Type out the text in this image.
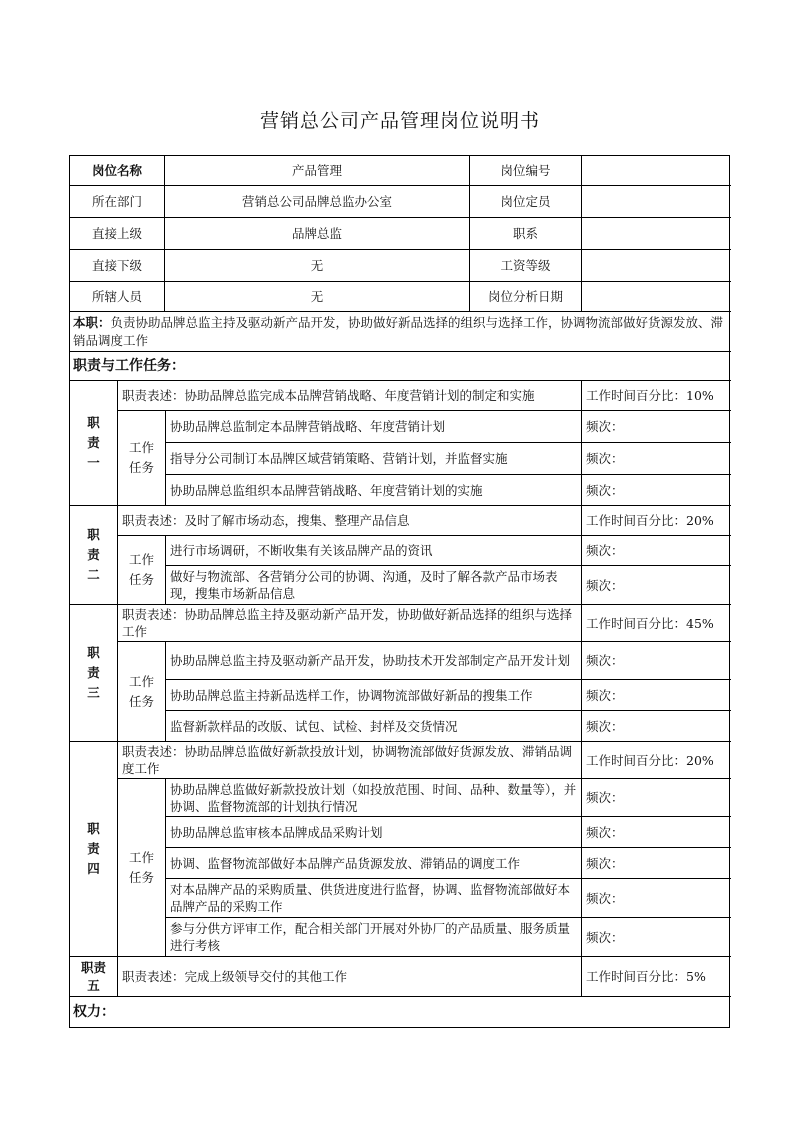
营销总公司产品管理岗位说明书
岗位名称	产品管理	岗位编号
所在部门	营销总公司品牌总监办公室	岗位定员
直接上级	品牌总监	职系
直接下级	无	工资等级
所辖人员	无	岗位分析日期
本职：负责协助品牌总监主持及驱动新产品开发，协助做好新品选择的组织与选择工作，协调物流部做好货源发放、滞销品调度工作
职责与工作任务：
职责一
职责表述：协助品牌总监完成本品牌营销战略、年度营销计划的制定和实施	工作时间百分比：10%
工作任务
协助品牌总监制定本品牌营销战略、年度营销计划	频次：
指导分公司制订本品牌区域营销策略、营销计划，并监督实施	频次：
协助品牌总监组织本品牌营销战略、年度营销计划的实施	频次：
职责二
职责表述：及时了解市场动态，搜集、整理产品信息	工作时间百分比：20%
工作任务
进行市场调研，不断收集有关该品牌产品的资讯	频次：
做好与物流部、各营销分公司的协调、沟通，及时了解各款产品市场表现，搜集市场新品信息
频次：
职责三
职责表述：协助品牌总监主持及驱动新产品开发，协助做好新品选择的组织与选择工作
工作时间百分比：45%
工作任务
协助品牌总监主持及驱动新产品开发，协助技术开发部制定产品开发计划	频次：
协助品牌总监主持新品选样工作，协调物流部做好新品的搜集工作	频次：
监督新款样品的改版、试包、试检、封样及交货情况	频次：
职责四
职责表述：协助品牌总监做好新款投放计划，协调物流部做好货源发放、滞销品调度工作
工作时间百分比：20%
工作任务
协助品牌总监做好新款投放计划（如投放范围、时间、品种、数量等），并协调、监督物流部的计划执行情况
频次：
协助品牌总监审核本品牌成品采购计划	频次：
协调、监督物流部做好本品牌产品货源发放、滞销品的调度工作	频次：
对本品牌产品的采购质量、供货进度进行监督，协调、监督物流部做好本品牌产品的采购工作
频次：
参与分供方评审工作，配合相关部门开展对外协厂的产品质量、服务质量进行考核
频次：
职责五
职责表述：完成上级领导交付的其他工作	工作时间百分比：5%
权力：
